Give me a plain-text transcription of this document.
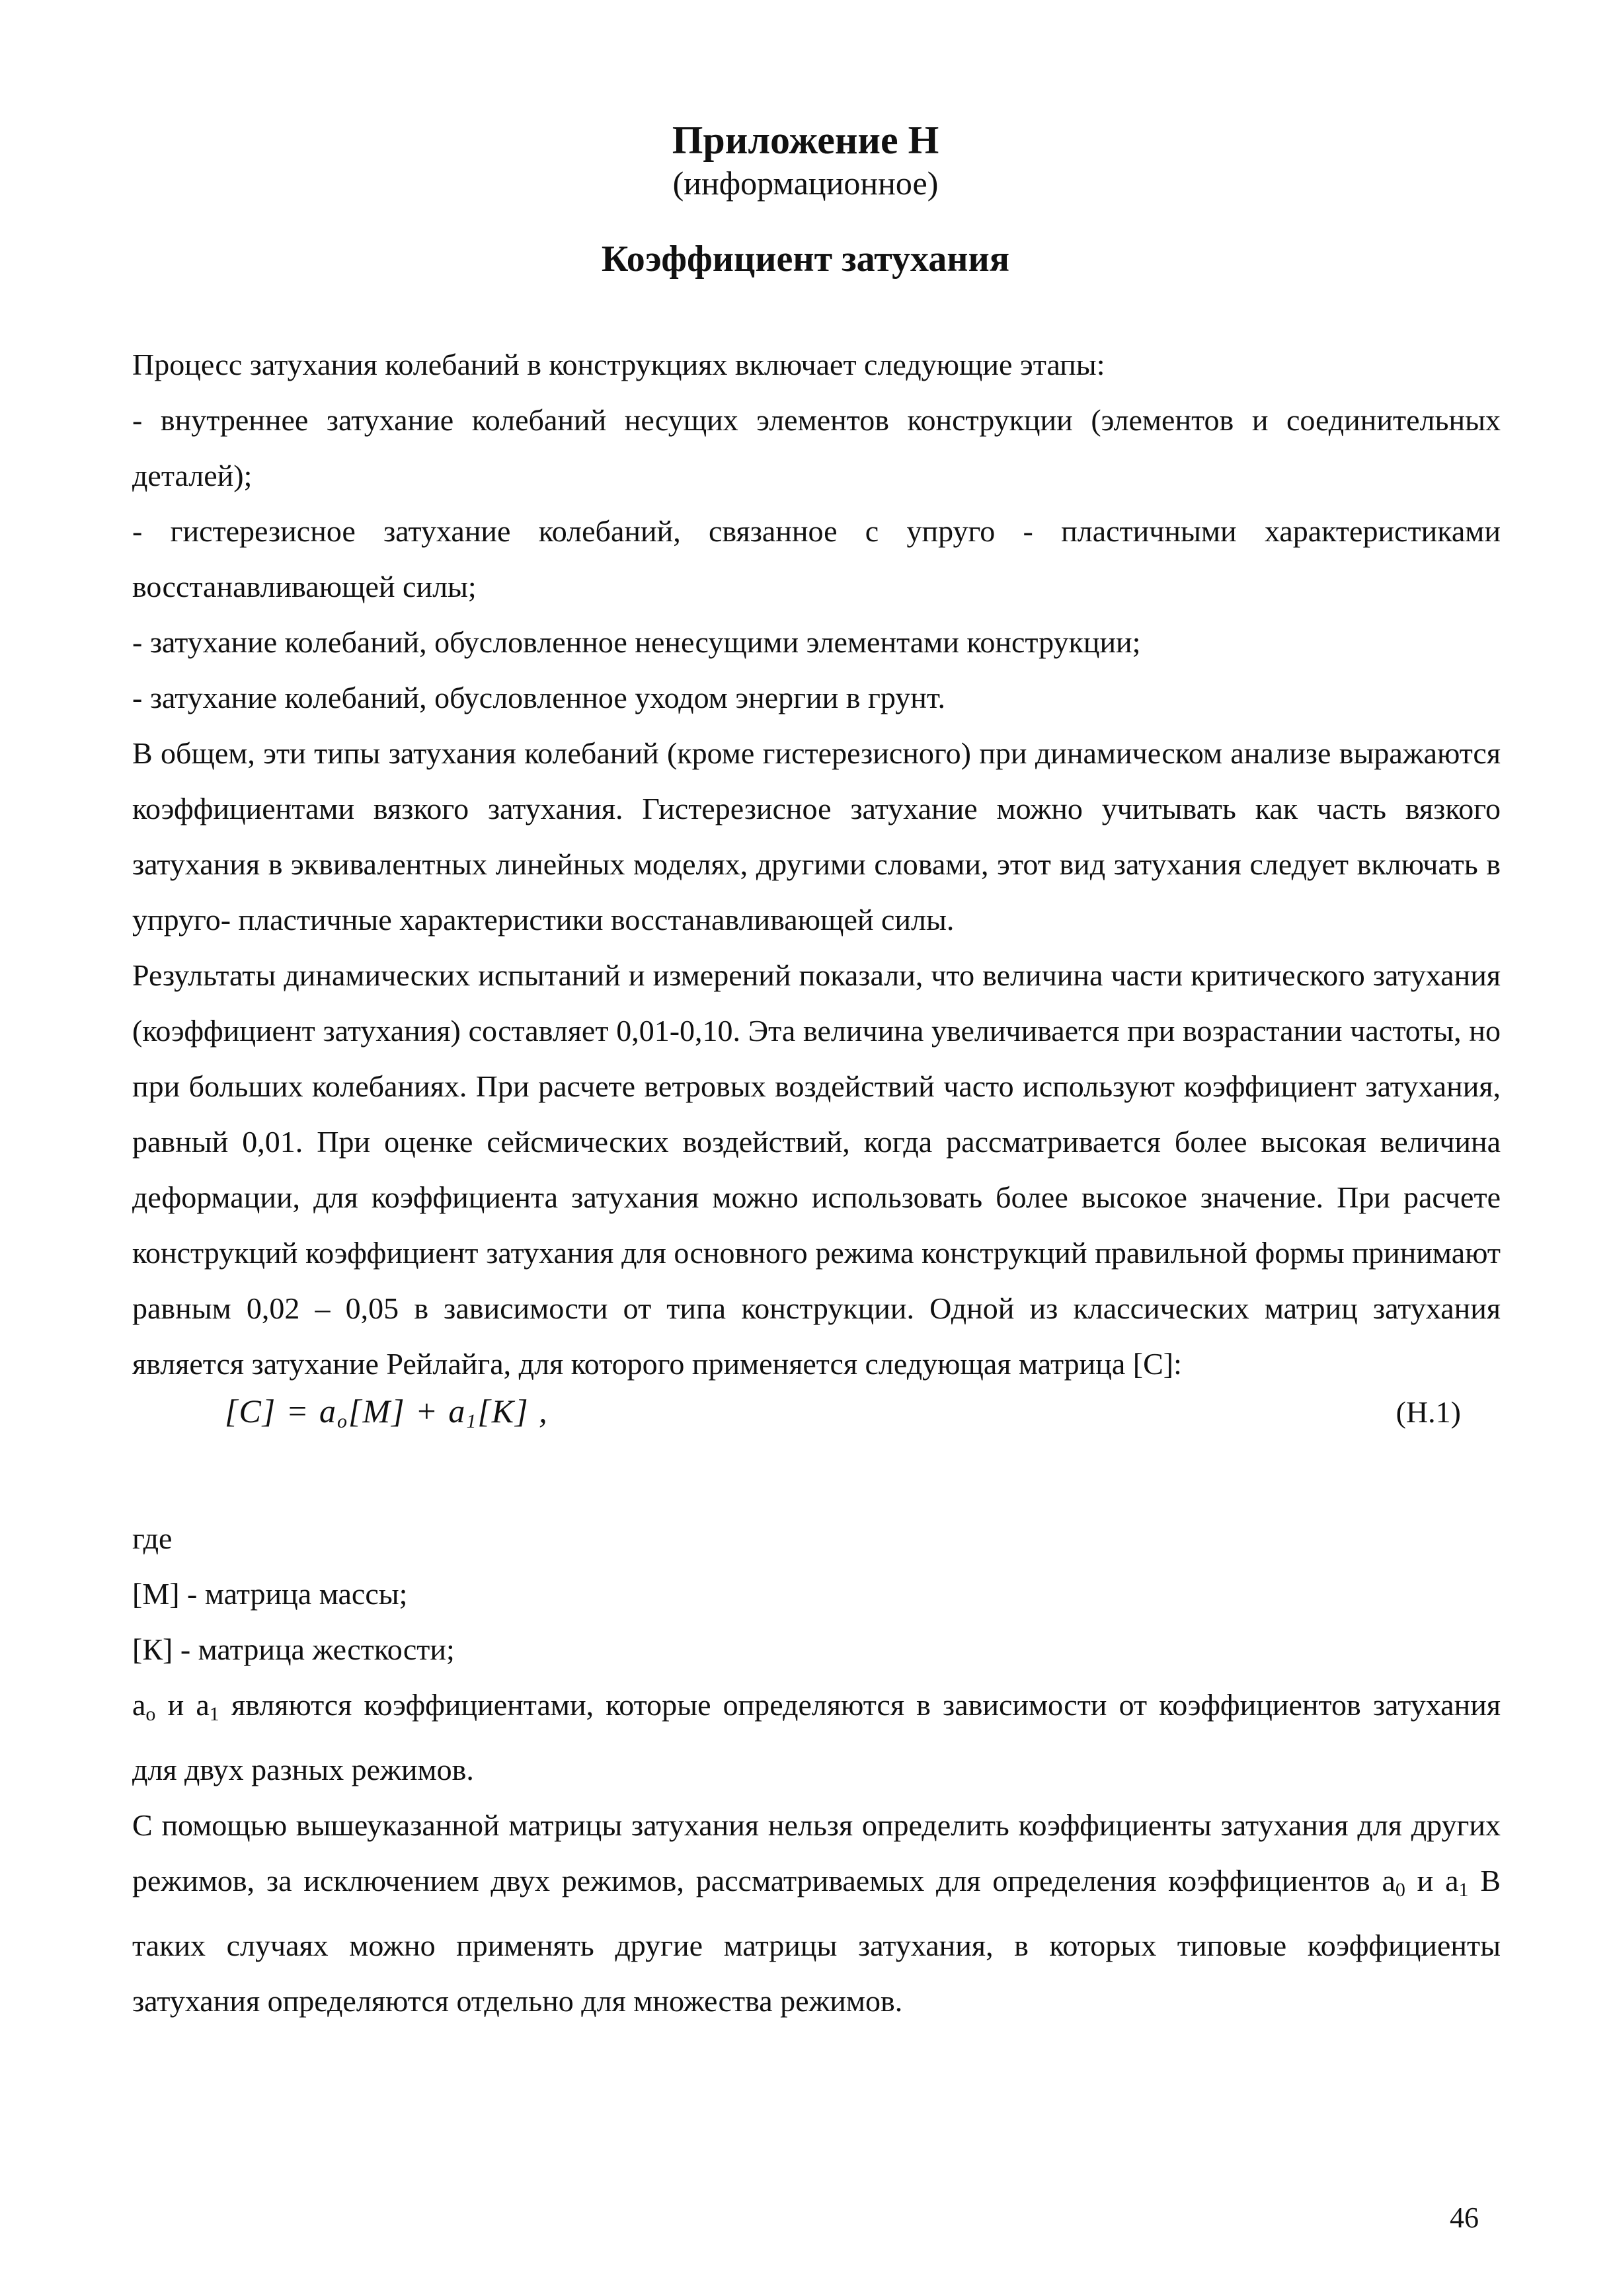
Приложение Н
(информационное)
Коэффициент затухания

Процесс затухания колебаний в конструкциях включает следующие этапы:

- внутреннее затухание колебаний несущих элементов конструкции (элементов и соединительных деталей);

- гистерезисное затухание колебаний, связанное с упруго - пластичными характеристиками восстанавливающей силы;

- затухание колебаний, обусловленное ненесущими элементами конструкции;

- затухание колебаний, обусловленное уходом энергии в грунт.

В общем, эти типы затухания колебаний (кроме гистерезисного) при динамическом анализе выражаются коэффициентами вязкого затухания. Гистерезисное затухание можно учитывать как часть вязкого затухания в эквивалентных линейных моделях, другими словами, этот вид затухания следует включать в упруго- пластичные характеристики восстанавливающей силы.

Результаты динамических испытаний и измерений показали, что величина части критического затухания (коэффициент затухания) составляет 0,01-0,10. Эта величина увеличивается при возрастании частоты, но при больших колебаниях. При расчете ветровых воздействий часто используют коэффициент затухания, равный 0,01. При оценке сейсмических воздействий, когда рассматривается более высокая величина деформации, для коэффициента затухания можно использовать более высокое значение. При расчете конструкций коэффициент затухания для основного режима конструкций правильной формы принимают равным 0,02 – 0,05 в зависимости от типа конструкции. Одной из классических матриц затухания является затухание Рейлайга, для которого применяется следующая матрица [С]:

$[C] = a_o[M] + a_1[K]$ ,	(Н.1)

где

[М] - матрица массы;

[К] - матрица жесткости;

$a_o$ и $a_1$ являются коэффициентами, которые определяются в зависимости от коэффициентов затухания для двух разных режимов.

С помощью вышеуказанной матрицы затухания нельзя определить коэффициенты затухания для других режимов, за исключением двух режимов, рассматриваемых для определения коэффициентов $a_0$ и $a_1$ В таких случаях можно применять другие матрицы затухания, в которых типовые коэффициенты затухания определяются отдельно для множества режимов.

46
